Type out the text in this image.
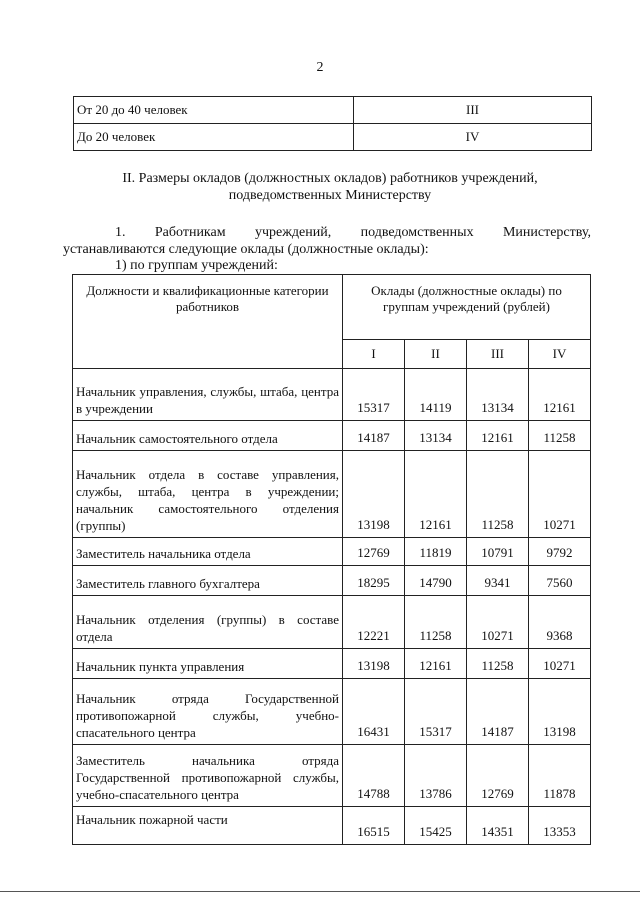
2
От 20 до 40 человек	III
До 20 человек	IV
II. Размеры окладов (должностных окладов) работников учреждений,
подведомственных Министерству
1. Работникам учреждений, подведомственных Министерству, устанавливаются следующие оклады (должностные оклады):
1) по группам учреждений:
Должности и квалификационные категории работников	Оклады (должностные оклады) по группам учреждений (рублей)			
	I	II	III	IV
Начальник управления, службы, штаба, центра в учреждении	15317	14119	13134	12161
Начальник самостоятельного отдела	14187	13134	12161	11258
Начальник отдела в составе управления, службы, штаба, центра в учреждении; начальник самостоятельного отделения (группы)	13198	12161	11258	10271
Заместитель начальника отдела	12769	11819	10791	9792
Заместитель главного бухгалтера	18295	14790	9341	7560
Начальник отделения (группы) в составе отдела	12221	11258	10271	9368
Начальник пункта управления	13198	12161	11258	10271
Начальник отряда Государственной противопожарной службы, учебно-спасательного центра	16431	15317	14187	13198
Заместитель начальника отряда Государственной противопожарной службы, учебно-спасательного центра	14788	13786	12769	11878
Начальник пожарной части	16515	15425	14351	13353
